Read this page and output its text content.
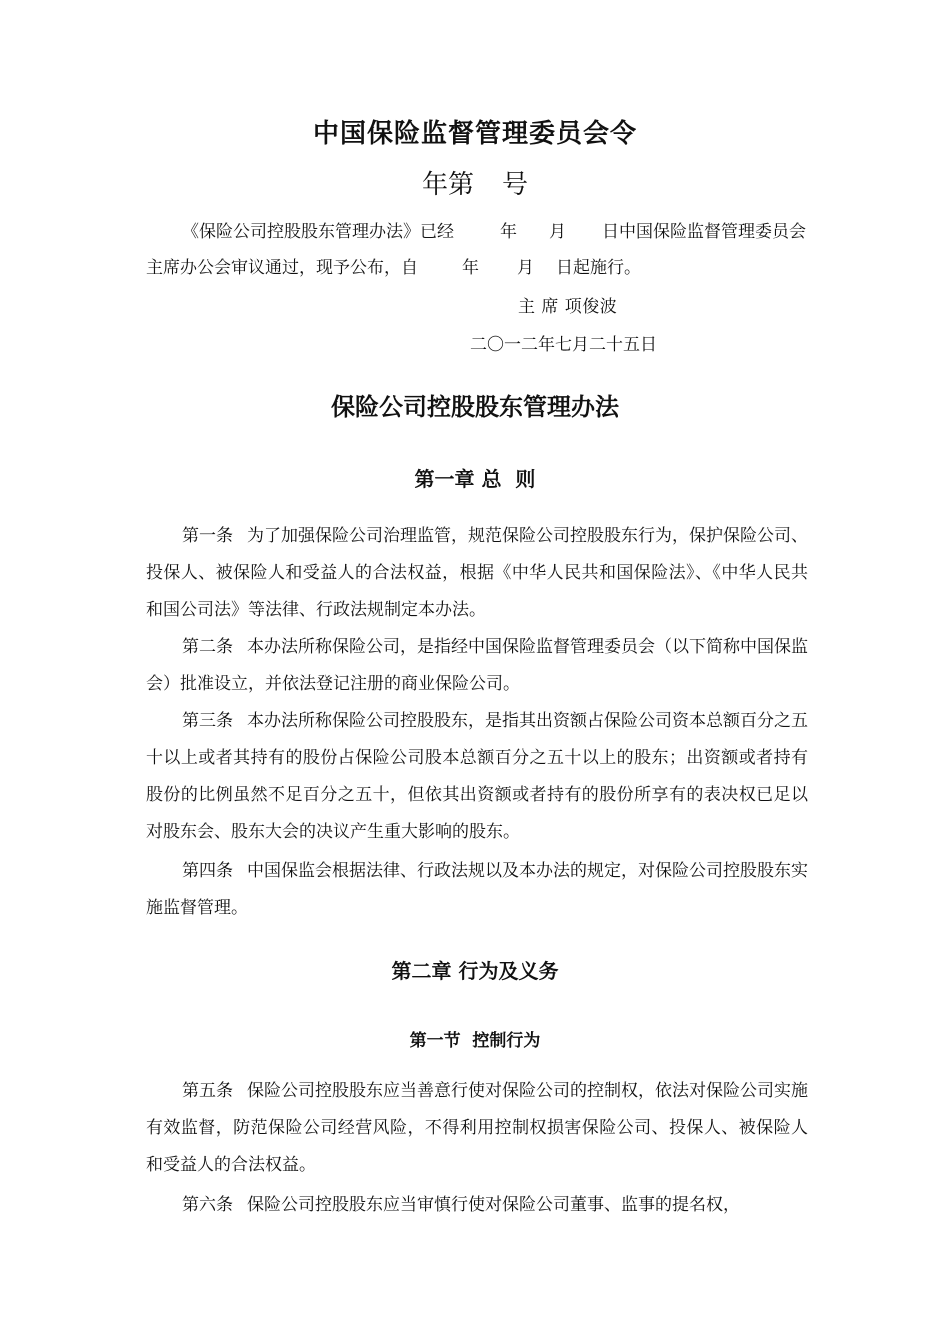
中国保险监督管理委员会令
年第 号
《保险公司控股股东管理办法》已经	年 月 日中国保险监督管理委员会主席办公会审议通过，现予公布，自	年 月 日起施行。
主 席 项俊波
二〇一二年七月二十五日
保险公司控股股东管理办法
第一章 总  则

第一条 为了加强保险公司治理监管，规范保险公司控股股东行为，保护保险公司、投保人、被保险人和受益人的合法权益，根据《中华人民共和国保险法》、《中华人民共和国公司法》等法律、行政法规制定本办法。

第二条 本办法所称保险公司，是指经中国保险监督管理委员会（以下简称中国保监会）批准设立，并依法登记注册的商业保险公司。

第三条 本办法所称保险公司控股股东，是指其出资额占保险公司资本总额百分之五十以上或者其持有的股份占保险公司股本总额百分之五十以上的股东；出资额或者持有股份的比例虽然不足百分之五十，但依其出资额或者持有的股份所享有的表决权已足以对股东会、股东大会的决议产生重大影响的股东。

第四条 中国保监会根据法律、行政法规以及本办法的规定，对保险公司控股股东实施监督管理。

第二章 行为及义务
第一节  控制行为

第五条 保险公司控股股东应当善意行使对保险公司的控制权，依法对保险公司实施有效监督，防范保险公司经营风险，不得利用控制权损害保险公司、投保人、被保险人和受益人的合法权益。

第六条 保险公司控股股东应当审慎行使对保险公司董事、监事的提名权，
